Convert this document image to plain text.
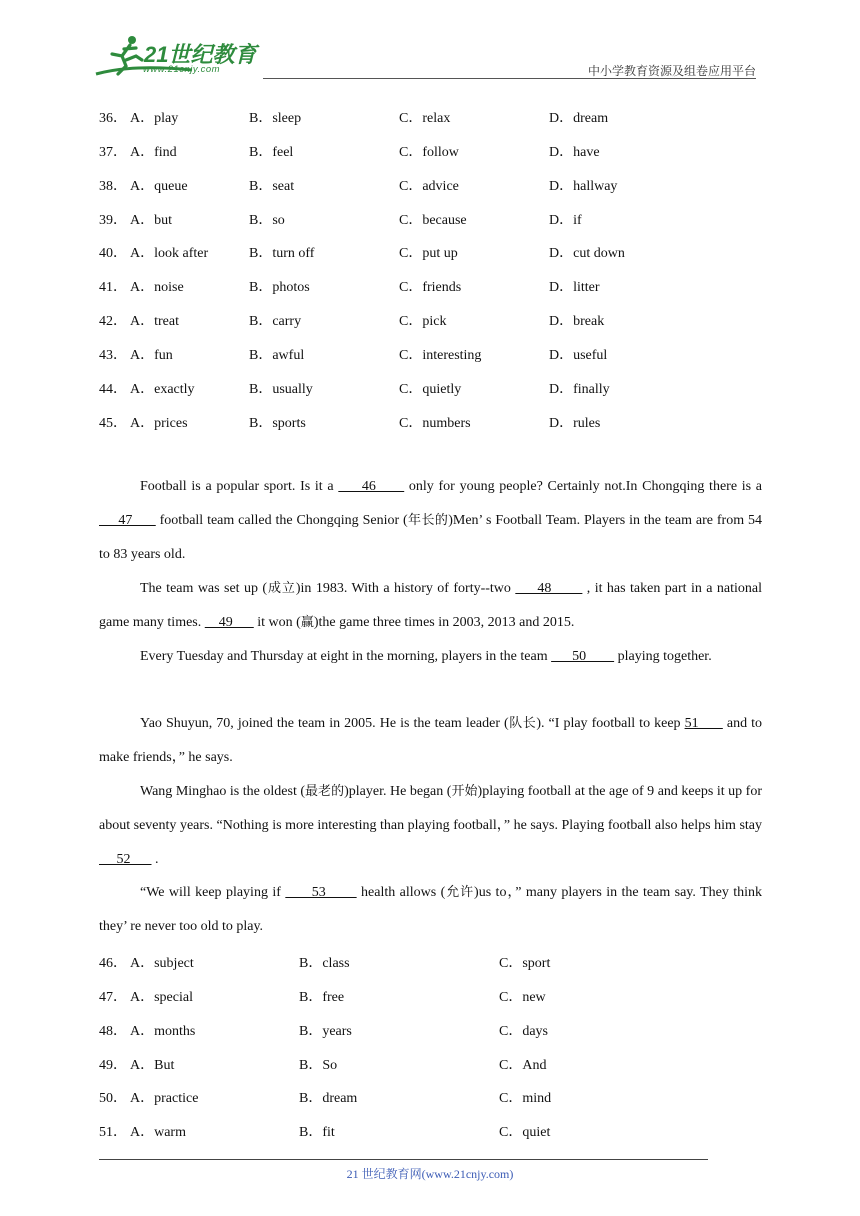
21世纪教育
www.21cnjy.com	中小学教育资源及组卷应用平台
36． A．play	B．sleep	C．relax	D．dream
37． A．find	B．feel	C．follow	D．have
38． A．queue	B．seat	C．advice	D．hallway
39． A．but	B．so	C．because	D．if
40． A．look after	B．turn off	C．put up	D．cut down
41． A．noise	B．photos	C．friends	D．litter
42． A．treat	B．carry	C．pick	D．break
43． A．fun	B．awful	C．interesting	D．useful
44． A．exactly	B．usually	C．quietly	D．finally
45． A．prices	B．sports	C．numbers	D．rules
Football is a popular sport. Is it a      46       only for young people? Certainly not.In Chongqing there is a      47       football team called the Chongqing Senior (年长的)Men’ s Football Team. Players in the team are from 54 to 83 years old.
The team was set up (成立)in 1983. With a history of forty--two      48        , it has taken part in a national game many times.     49       it won (赢)the game three times in 2003, 2013 and 2015.
Every Tuesday and Thursday at eight in the morning, players in the team       50         playing together.
Yao Shuyun, 70, joined the team in 2005. He is the team leader (队长). “I play football to keep 51       and to make friends，” he says.
Wang Minghao is the oldest (最老的)player. He began (开始)playing football at the age of 9 and keeps it up for about seventy years. “Nothing is more interesting than playing football，” he says. Playing football also helps him stay      52       .
“We will keep playing if       53        health allows (允许)us to，” many players in the team say. They think they’ re never too old to play.
46． A．subject	B．class	C．sport
47． A．special	B．free	C．new
48． A．months	B．years	C．days
49． A．But	B．So	C．And
50． A．practice	B．dream	C．mind
51． A．warm	B．fit	C．quiet
21 世纪教育网(www.21cnjy.com)
